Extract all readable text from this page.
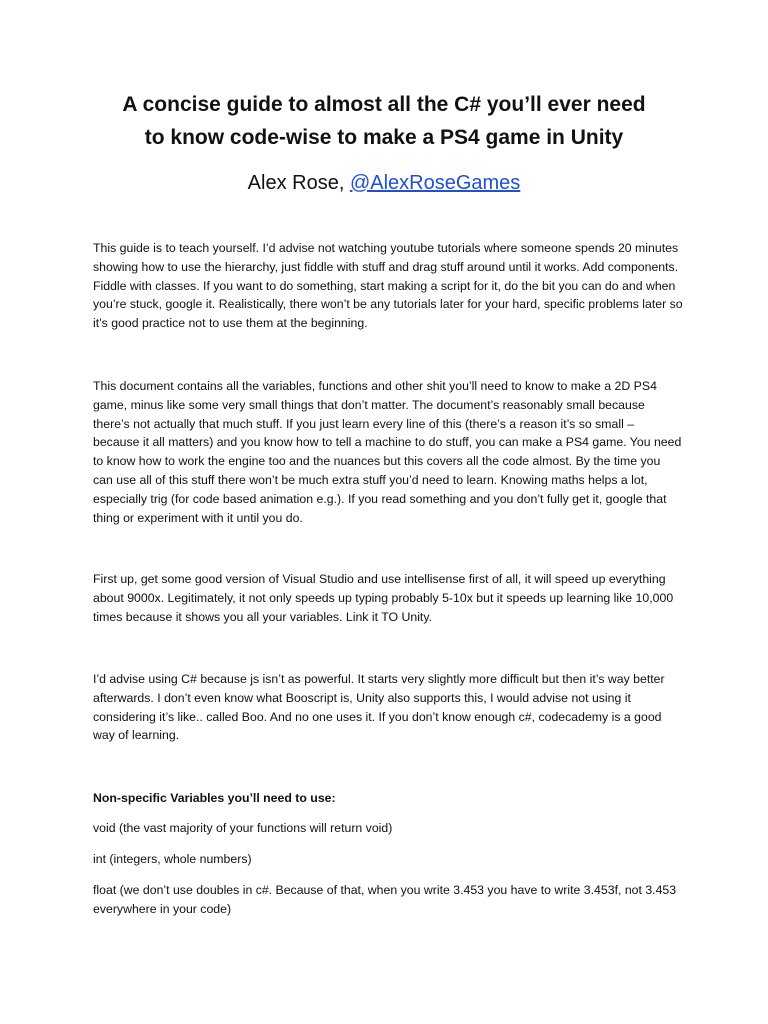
A concise guide to almost all the C# you’ll ever need
to know code-wise to make a PS4 game in Unity

Alex Rose, @AlexRoseGames

This guide is to teach yourself. I’d advise not watching youtube tutorials where someone spends 20 minutes showing how to use the hierarchy, just fiddle with stuff and drag stuff around until it works. Add components. Fiddle with classes. If you want to do something, start making a script for it, do the bit you can do and when you’re stuck, google it. Realistically, there won’t be any tutorials later for your hard, specific problems later so it’s good practice not to use them at the beginning.

This document contains all the variables, functions and other shit you’ll need to know to make a 2D PS4 game, minus like some very small things that don’t matter. The document’s reasonably small because there’s not actually that much stuff. If you just learn every line of this (there’s a reason it’s so small – because it all matters) and you know how to tell a machine to do stuff, you can make a PS4 game. You need to know how to work the engine too and the nuances but this covers all the code almost. By the time you can use all of this stuff there won’t be much extra stuff you’d need to learn. Knowing maths helps a lot, especially trig (for code based animation e.g.). If you read something and you don’t fully get it, google that thing or experiment with it until you do.

First up, get some good version of Visual Studio and use intellisense first of all, it will speed up everything about 9000x. Legitimately, it not only speeds up typing probably 5-10x but it speeds up learning like 10,000 times because it shows you all your variables. Link it TO Unity.

I’d advise using C# because js isn’t as powerful. It starts very slightly more difficult but then it’s way better afterwards. I don’t even know what Booscript is, Unity also supports this, I would advise not using it considering it’s like.. called Boo. And no one uses it. If you don’t know enough c#, codecademy is a good way of learning.

Non-specific Variables you’ll need to use:

void (the vast majority of your functions will return void)

int (integers, whole numbers)

float (we don’t use doubles in c#. Because of that, when you write 3.453 you have to write 3.453f, not 3.453 everywhere in your code)
